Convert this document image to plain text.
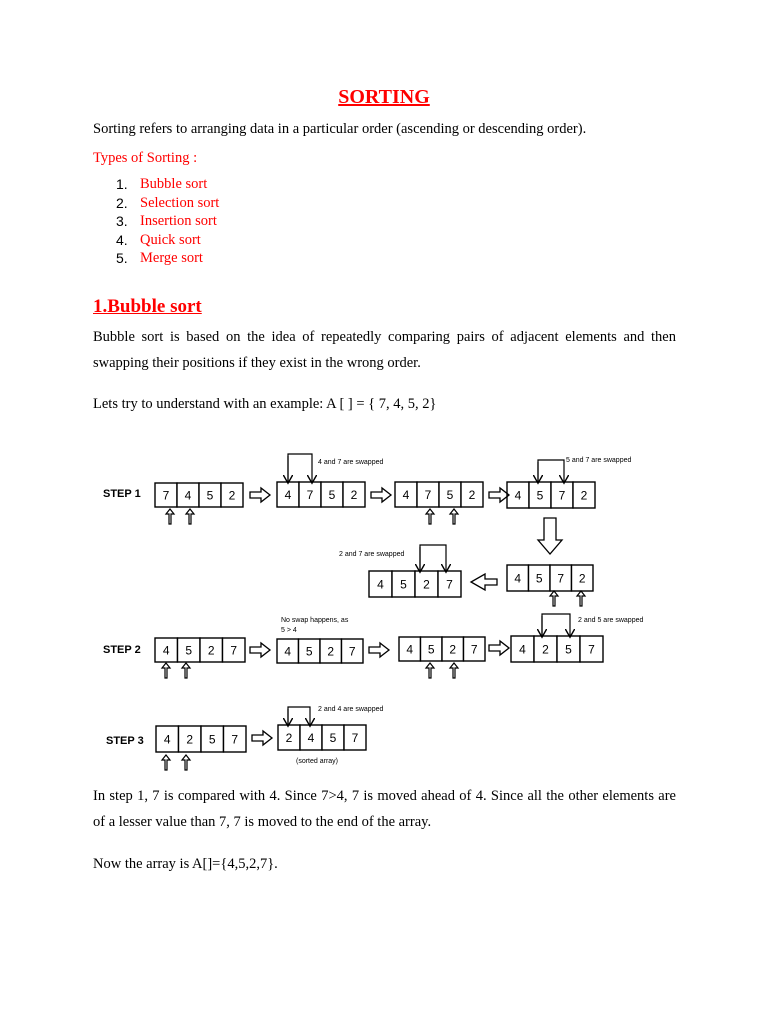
SORTING
Sorting refers to arranging data in a particular order (ascending or descending order).
Types of Sorting :
1. Bubble sort
2. Selection sort
3. Insertion sort
4. Quick sort
5. Merge sort
1.Bubble sort
Bubble sort is based on the idea of repeatedly comparing pairs of adjacent elements and then swapping their positions if they exist in the wrong order.
Lets try to understand with an example: A [ ] = { 7, 4, 5, 2}
STEP 1
STEP 2
STEP 3
7 4 5 2	4 7 5 2	4 7 5 2	4 5 7 2
4 5 7 2
4 5 2 7
4 5 2 7	4 5 2 7	4 5 2 7	4 2 5 7
4 2 5 7	2 4 5 7
4 and 7 are swapped	5 and 7 are swapped
2 and 7 are swapped
No swap happens, as
5 > 4
2 and 5 are swapped
2 and 4 are swapped
(sorted array)
In step 1, 7 is compared with 4. Since 7>4, 7 is moved ahead of 4. Since all the other elements are of a lesser value than 7, 7 is moved to the end of the array.
Now the array is A[]={4,5,2,7}.
